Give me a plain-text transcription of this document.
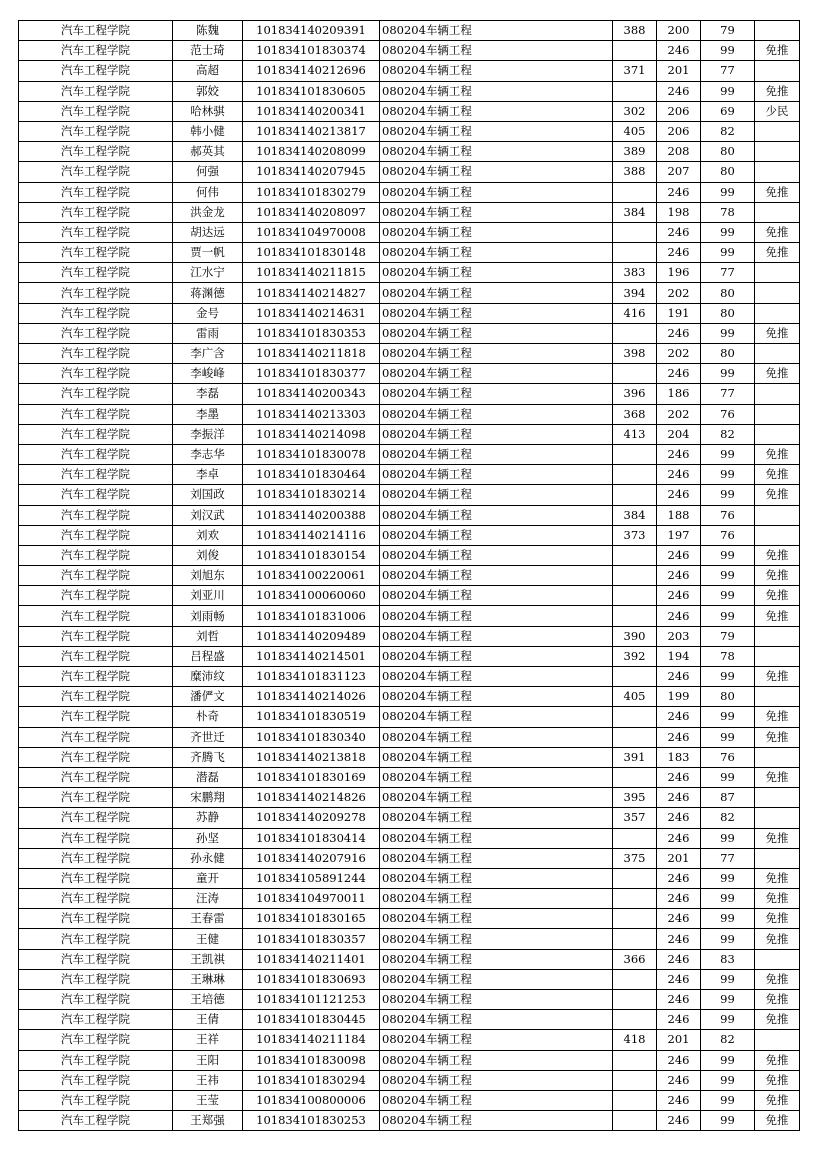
汽车工程学院	陈魏	101834140209391	080204车辆工程	388	200	79	
汽车工程学院	范士琦	101834101830374	080204车辆工程		246	99	免推
汽车工程学院	高超	101834140212696	080204车辆工程	371	201	77	
汽车工程学院	郭姣	101834101830605	080204车辆工程		246	99	免推
汽车工程学院	哈林骐	101834140200341	080204车辆工程	302	206	69	少民
汽车工程学院	韩小健	101834140213817	080204车辆工程	405	206	82	
汽车工程学院	郝英其	101834140208099	080204车辆工程	389	208	80	
汽车工程学院	何强	101834140207945	080204车辆工程	388	207	80	
汽车工程学院	何伟	101834101830279	080204车辆工程		246	99	免推
汽车工程学院	洪金龙	101834140208097	080204车辆工程	384	198	78	
汽车工程学院	胡达远	101834104970008	080204车辆工程		246	99	免推
汽车工程学院	贾一帆	101834101830148	080204车辆工程		246	99	免推
汽车工程学院	江水宁	101834140211815	080204车辆工程	383	196	77	
汽车工程学院	蒋渊德	101834140214827	080204车辆工程	394	202	80	
汽车工程学院	金号	101834140214631	080204车辆工程	416	191	80	
汽车工程学院	雷雨	101834101830353	080204车辆工程		246	99	免推
汽车工程学院	李广含	101834140211818	080204车辆工程	398	202	80	
汽车工程学院	李峻峰	101834101830377	080204车辆工程		246	99	免推
汽车工程学院	李磊	101834140200343	080204车辆工程	396	186	77	
汽车工程学院	李墨	101834140213303	080204车辆工程	368	202	76	
汽车工程学院	李振洋	101834140214098	080204车辆工程	413	204	82	
汽车工程学院	李志华	101834101830078	080204车辆工程		246	99	免推
汽车工程学院	李卓	101834101830464	080204车辆工程		246	99	免推
汽车工程学院	刘国政	101834101830214	080204车辆工程		246	99	免推
汽车工程学院	刘汉武	101834140200388	080204车辆工程	384	188	76	
汽车工程学院	刘欢	101834140214116	080204车辆工程	373	197	76	
汽车工程学院	刘俊	101834101830154	080204车辆工程		246	99	免推
汽车工程学院	刘旭东	101834100220061	080204车辆工程		246	99	免推
汽车工程学院	刘亚川	101834100060060	080204车辆工程		246	99	免推
汽车工程学院	刘雨畅	101834101831006	080204车辆工程		246	99	免推
汽车工程学院	刘哲	101834140209489	080204车辆工程	390	203	79	
汽车工程学院	吕程盛	101834140214501	080204车辆工程	392	194	78	
汽车工程学院	糜沛纹	101834101831123	080204车辆工程		246	99	免推
汽车工程学院	潘俨文	101834140214026	080204车辆工程	405	199	80	
汽车工程学院	朴奇	101834101830519	080204车辆工程		246	99	免推
汽车工程学院	齐世迁	101834101830340	080204车辆工程		246	99	免推
汽车工程学院	齐腾飞	101834140213818	080204车辆工程	391	183	76	
汽车工程学院	潜磊	101834101830169	080204车辆工程		246	99	免推
汽车工程学院	宋鹏翔	101834140214826	080204车辆工程	395	246	87	
汽车工程学院	苏静	101834140209278	080204车辆工程	357	246	82	
汽车工程学院	孙坚	101834101830414	080204车辆工程		246	99	免推
汽车工程学院	孙永健	101834140207916	080204车辆工程	375	201	77	
汽车工程学院	童开	101834105891244	080204车辆工程		246	99	免推
汽车工程学院	汪涛	101834104970011	080204车辆工程		246	99	免推
汽车工程学院	王春雷	101834101830165	080204车辆工程		246	99	免推
汽车工程学院	王健	101834101830357	080204车辆工程		246	99	免推
汽车工程学院	王凯祺	101834140211401	080204车辆工程	366	246	83	
汽车工程学院	王琳琳	101834101830693	080204车辆工程		246	99	免推
汽车工程学院	王培德	101834101121253	080204车辆工程		246	99	免推
汽车工程学院	王倩	101834101830445	080204车辆工程		246	99	免推
汽车工程学院	王祥	101834140211184	080204车辆工程	418	201	82	
汽车工程学院	王阳	101834101830098	080204车辆工程		246	99	免推
汽车工程学院	王祎	101834101830294	080204车辆工程		246	99	免推
汽车工程学院	王莹	101834100800006	080204车辆工程		246	99	免推
汽车工程学院	王郑强	101834101830253	080204车辆工程		246	99	免推
